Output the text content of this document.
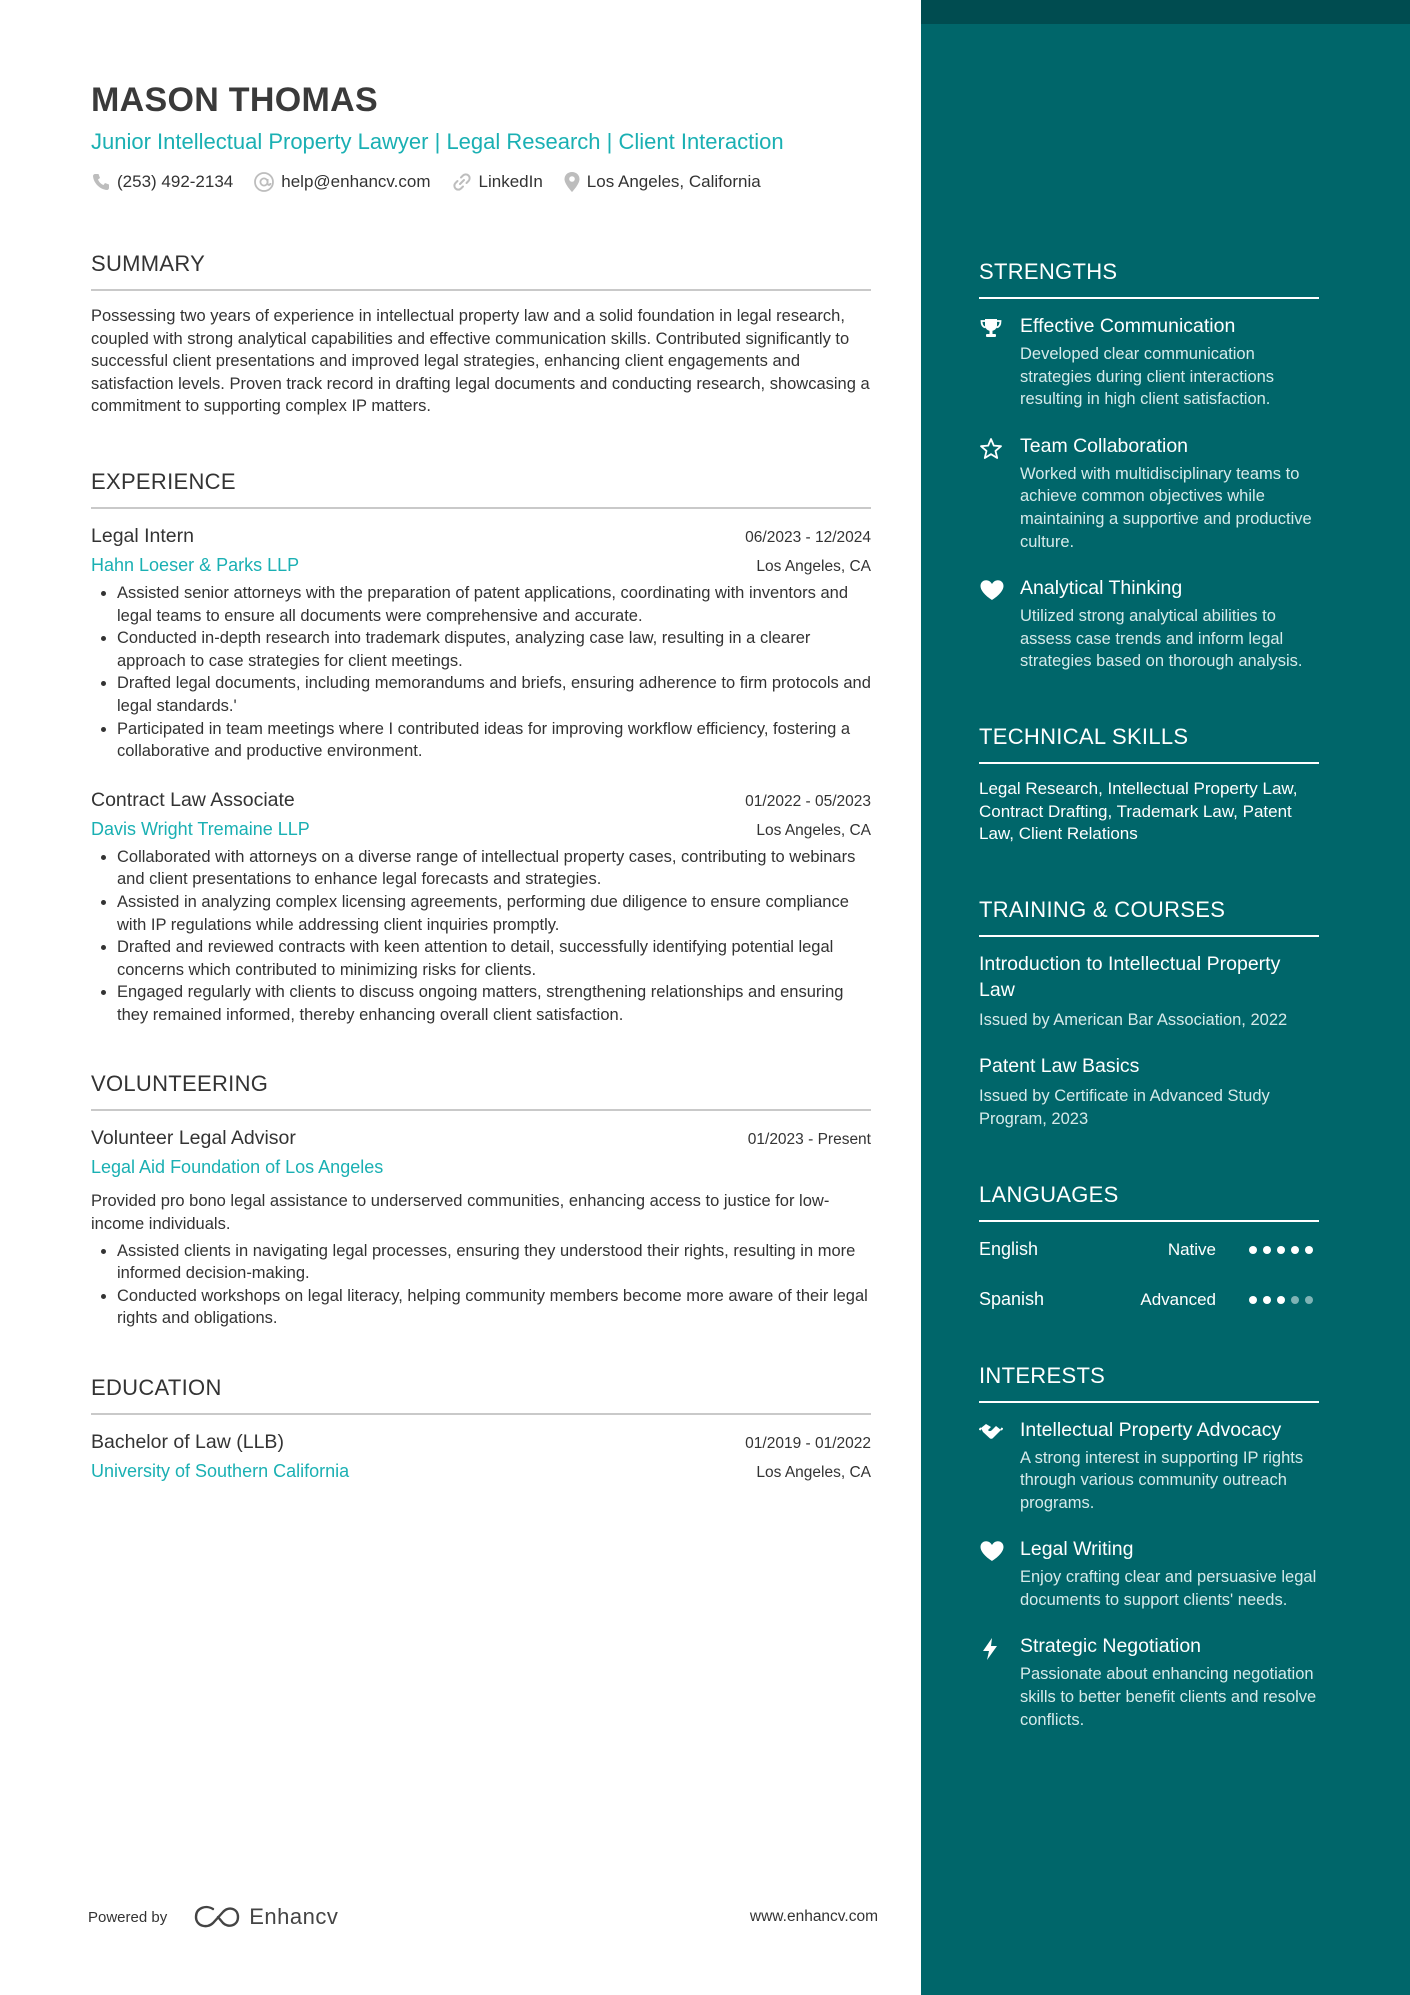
MASON THOMAS
Junior Intellectual Property Lawyer | Legal Research | Client Interaction
(253) 492-2134	help@enhancv.com	LinkedIn	Los Angeles, California
SUMMARY
Possessing two years of experience in intellectual property law and a solid foundation in legal research, coupled with strong analytical capabilities and effective communication skills. Contributed significantly to successful client presentations and improved legal strategies, enhancing client engagements and satisfaction levels. Proven track record in drafting legal documents and conducting research, showcasing a commitment to supporting complex IP matters.
EXPERIENCE
Legal Intern	06/2023 - 12/2024
Hahn Loeser & Parks LLP	Los Angeles, CA
• Assisted senior attorneys with the preparation of patent applications, coordinating with inventors and legal teams to ensure all documents were comprehensive and accurate.
• Conducted in-depth research into trademark disputes, analyzing case law, resulting in a clearer approach to case strategies for client meetings.
• Drafted legal documents, including memorandums and briefs, ensuring adherence to firm protocols and legal standards.'
• Participated in team meetings where I contributed ideas for improving workflow efficiency, fostering a collaborative and productive environment.
Contract Law Associate	01/2022 - 05/2023
Davis Wright Tremaine LLP	Los Angeles, CA
• Collaborated with attorneys on a diverse range of intellectual property cases, contributing to webinars and client presentations to enhance legal forecasts and strategies.
• Assisted in analyzing complex licensing agreements, performing due diligence to ensure compliance with IP regulations while addressing client inquiries promptly.
• Drafted and reviewed contracts with keen attention to detail, successfully identifying potential legal concerns which contributed to minimizing risks for clients.
• Engaged regularly with clients to discuss ongoing matters, strengthening relationships and ensuring they remained informed, thereby enhancing overall client satisfaction.
VOLUNTEERING
Volunteer Legal Advisor	01/2023 - Present
Legal Aid Foundation of Los Angeles
Provided pro bono legal assistance to underserved communities, enhancing access to justice for low-income individuals.
• Assisted clients in navigating legal processes, ensuring they understood their rights, resulting in more informed decision-making.
• Conducted workshops on legal literacy, helping community members become more aware of their legal rights and obligations.
EDUCATION
Bachelor of Law (LLB)	01/2019 - 01/2022
University of Southern California	Los Angeles, CA
Powered by	Enhancv	www.enhancv.com
STRENGTHS
Effective Communication
Developed clear communication strategies during client interactions resulting in high client satisfaction.
Team Collaboration
Worked with multidisciplinary teams to achieve common objectives while maintaining a supportive and productive culture.
Analytical Thinking
Utilized strong analytical abilities to assess case trends and inform legal strategies based on thorough analysis.
TECHNICAL SKILLS
Legal Research, Intellectual Property Law, Contract Drafting, Trademark Law, Patent Law, Client Relations
TRAINING & COURSES
Introduction to Intellectual Property Law
Issued by American Bar Association, 2022
Patent Law Basics
Issued by Certificate in Advanced Study Program, 2023
LANGUAGES
English	Native
Spanish	Advanced
INTERESTS
Intellectual Property Advocacy
A strong interest in supporting IP rights through various community outreach programs.
Legal Writing
Enjoy crafting clear and persuasive legal documents to support clients' needs.
Strategic Negotiation
Passionate about enhancing negotiation skills to better benefit clients and resolve conflicts.
